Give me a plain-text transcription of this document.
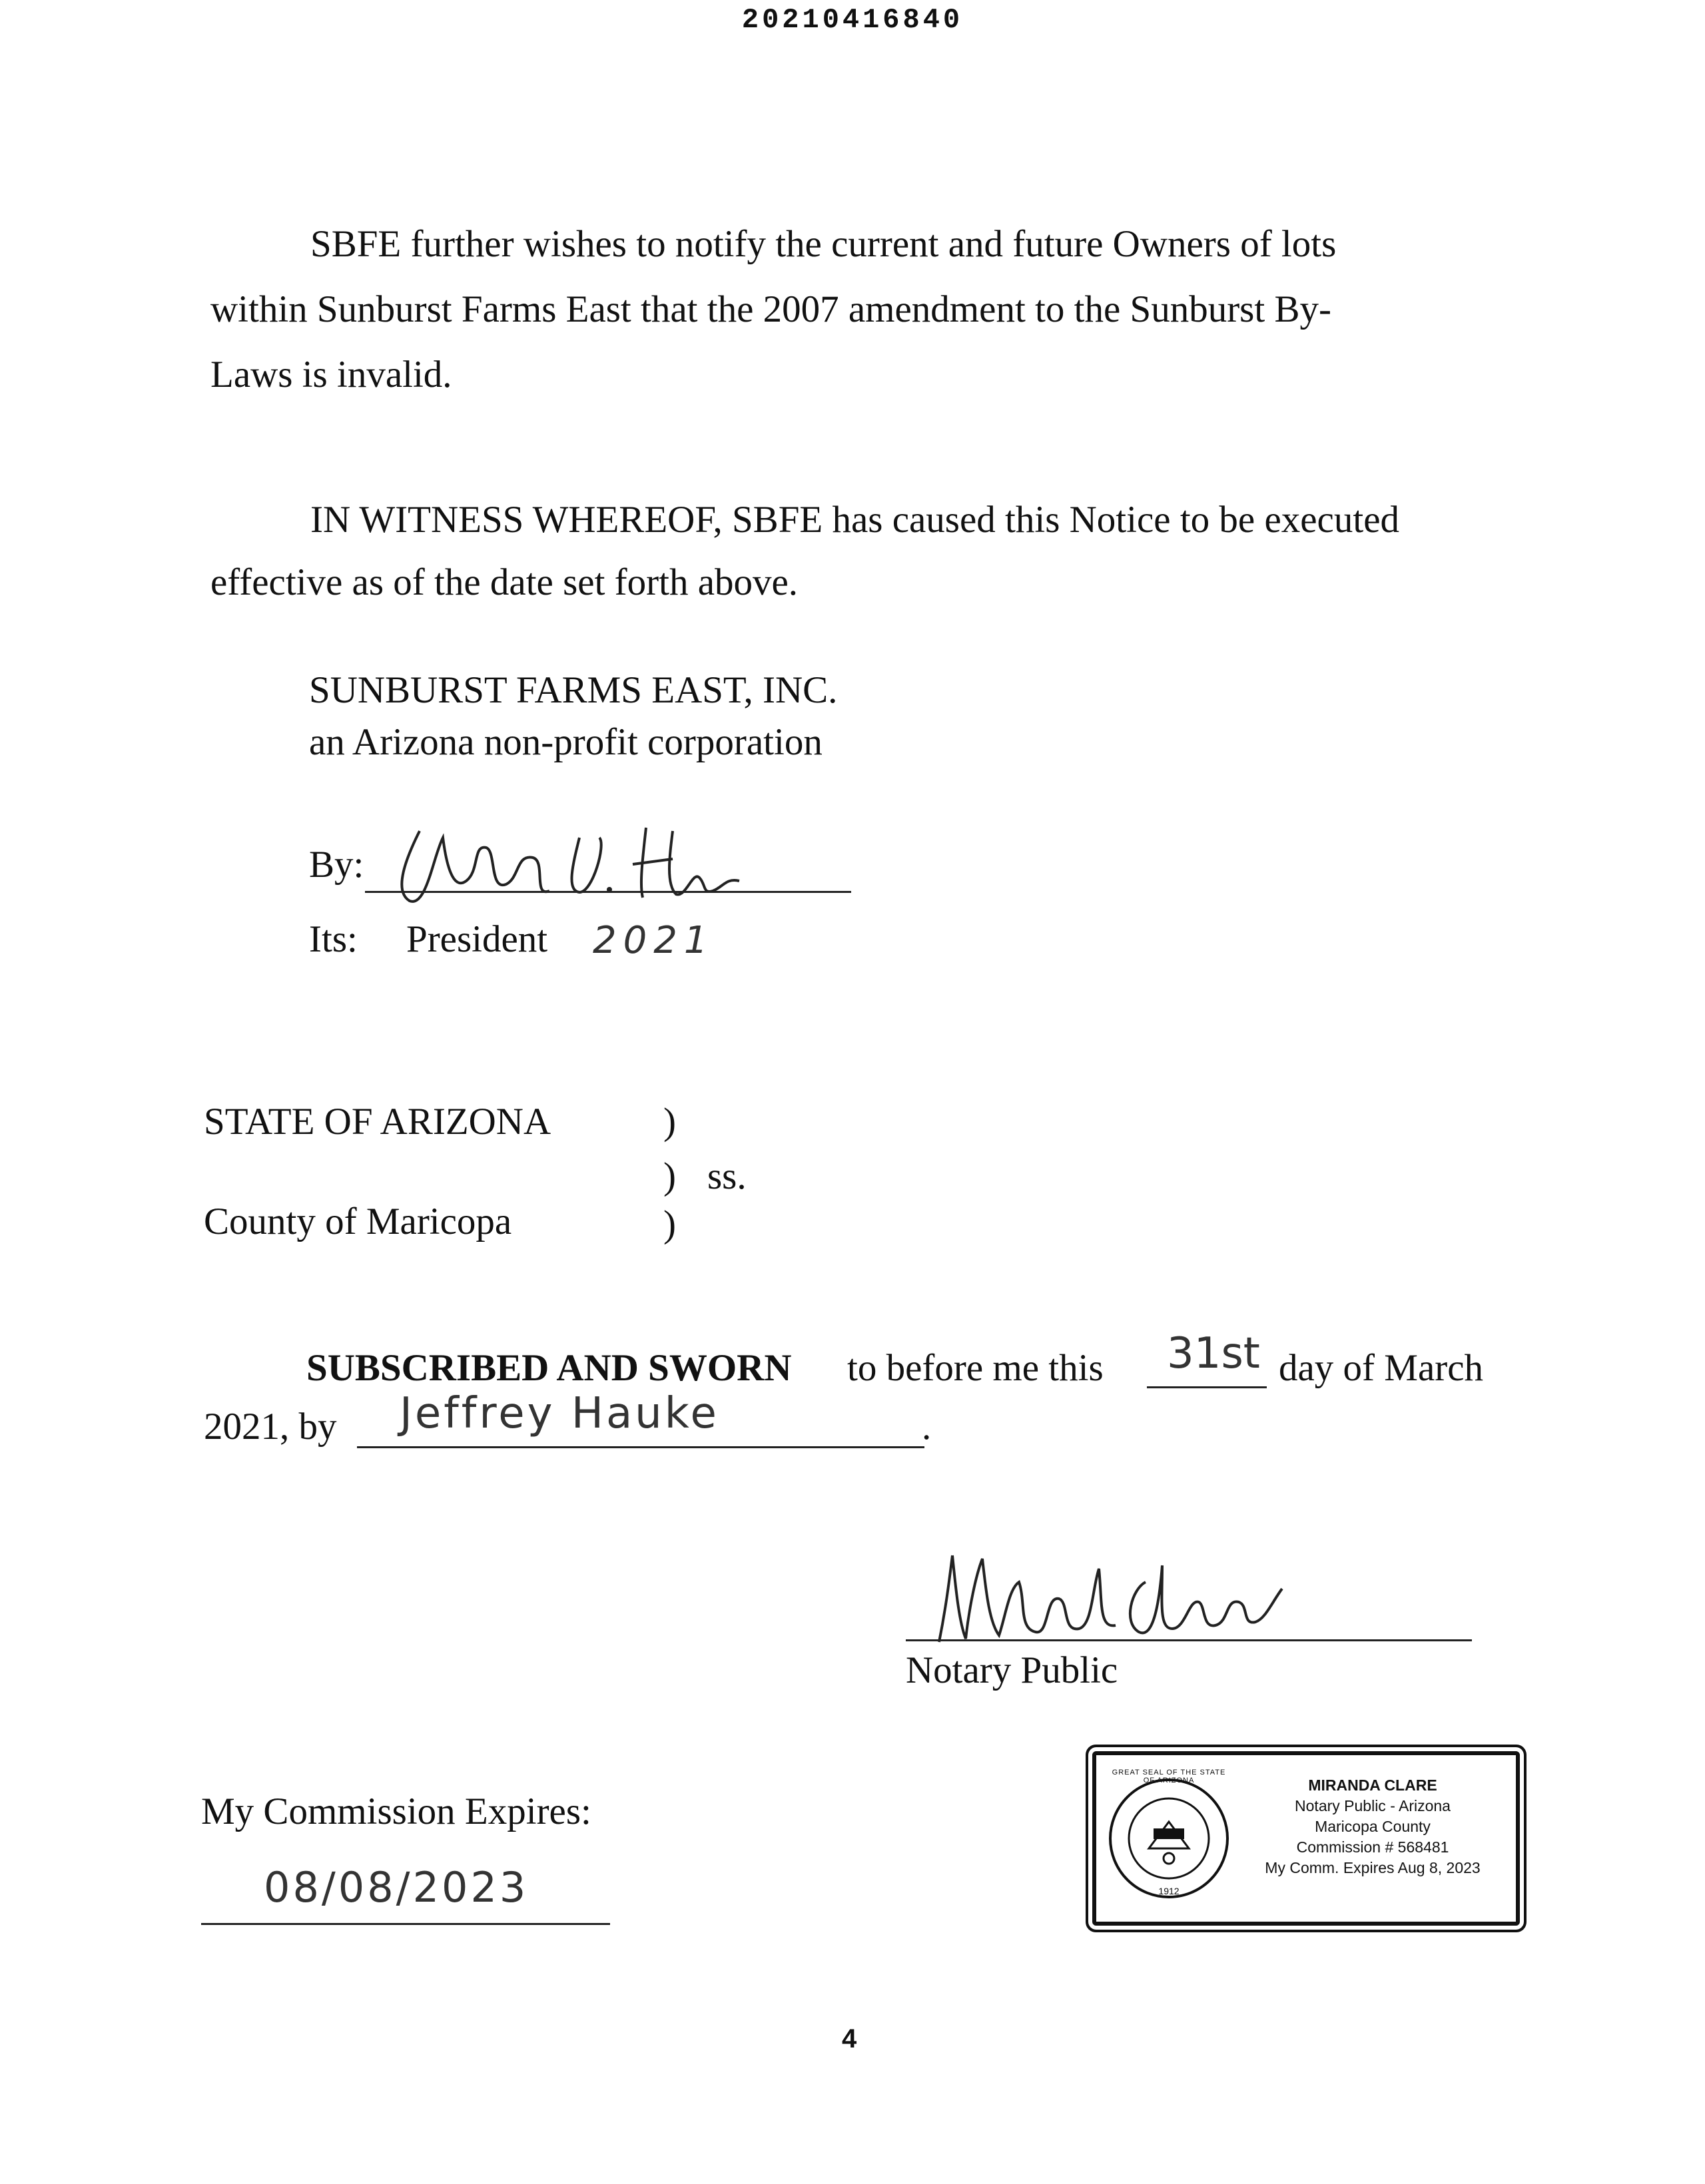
20210416840
SBFE further wishes to notify the current and future Owners of lots
within Sunburst Farms East that the 2007 amendment to the Sunburst By-
Laws is invalid.
IN WITNESS WHEREOF, SBFE has caused this Notice to be executed
effective as of the date set forth above.
SUNBURST FARMS EAST, INC.
an Arizona non-profit corporation
By:
Its: President 2021
STATE OF ARIZONA	)
) ss.
County of Maricopa	)
SUBSCRIBED AND SWORN to before me this 31st day of March
2021, by Jeffrey Hauke	.
Notary Public
My Commission Expires:
08/08/2023
GREAT SEAL OF THE STATE OF ARIZONA
1912
MIRANDA CLARE
Notary Public - Arizona
Maricopa County
Commission # 568481
My Comm. Expires Aug 8, 2023
4
